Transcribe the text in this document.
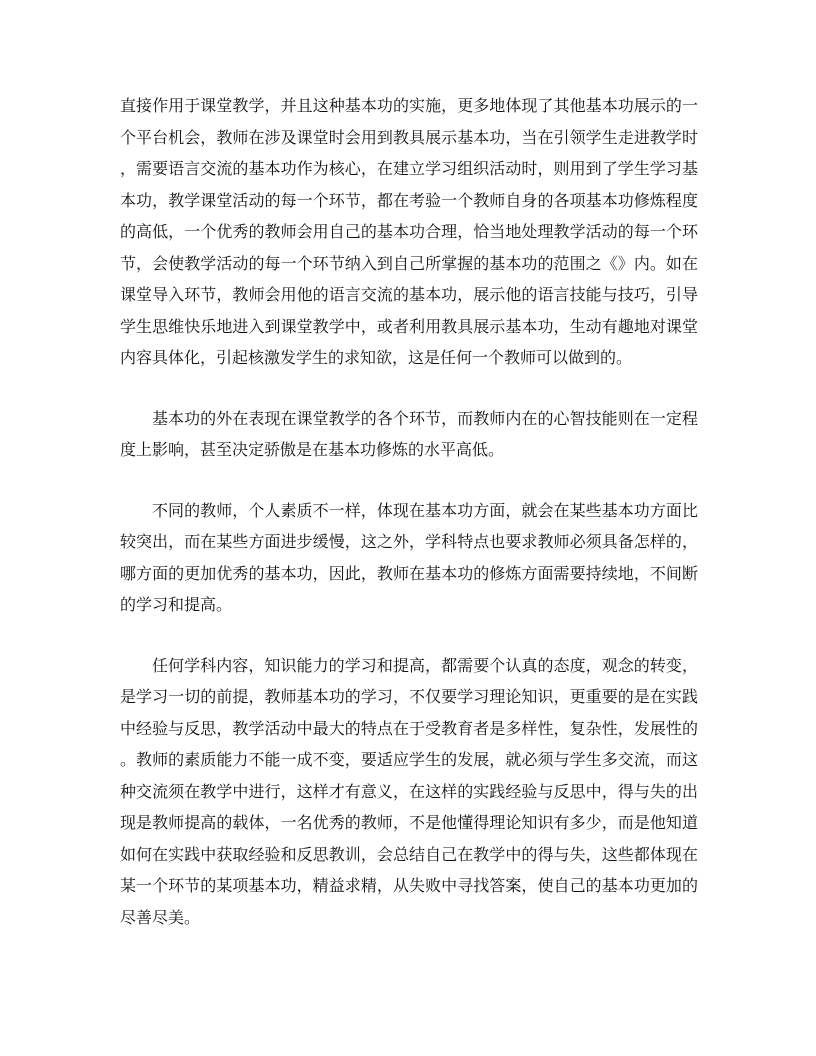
直接作用于课堂教学，并且这种基本功的实施，更多地体现了其他基本功展示的一个平台机会，教师在涉及课堂时会用到教具展示基本功，当在引领学生走进教学时，需要语言交流的基本功作为核心，在建立学习组织活动时，则用到了学生学习基本功，教学课堂活动的每一个环节，都在考验一个教师自身的各项基本功修炼程度的高低，一个优秀的教师会用自己的基本功合理，恰当地处理教学活动的每一个环节，会使教学活动的每一个环节纳入到自己所掌握的基本功的范围之《》内。如在课堂导入环节，教师会用他的语言交流的基本功，展示他的语言技能与技巧，引导学生思维快乐地进入到课堂教学中，或者利用教具展示基本功，生动有趣地对课堂内容具体化，引起核激发学生的求知欲，这是任何一个教师可以做到的。

基本功的外在表现在课堂教学的各个环节，而教师内在的心智技能则在一定程度上影响，甚至决定骄傲是在基本功修炼的水平高低。

不同的教师，个人素质不一样，体现在基本功方面，就会在某些基本功方面比较突出，而在某些方面进步缓慢，这之外，学科特点也要求教师必须具备怎样的，哪方面的更加优秀的基本功，因此，教师在基本功的修炼方面需要持续地，不间断的学习和提高。

任何学科内容，知识能力的学习和提高，都需要个认真的态度，观念的转变，是学习一切的前提，教师基本功的学习，不仅要学习理论知识，更重要的是在实践中经验与反思，教学活动中最大的特点在于受教育者是多样性，复杂性，发展性的。教师的素质能力不能一成不变，要适应学生的发展，就必须与学生多交流，而这种交流须在教学中进行，这样才有意义，在这样的实践经验与反思中，得与失的出现是教师提高的载体，一名优秀的教师，不是他懂得理论知识有多少，而是他知道如何在实践中获取经验和反思教训，会总结自己在教学中的得与失，这些都体现在某一个环节的某项基本功，精益求精，从失败中寻找答案，使自己的基本功更加的尽善尽美。
